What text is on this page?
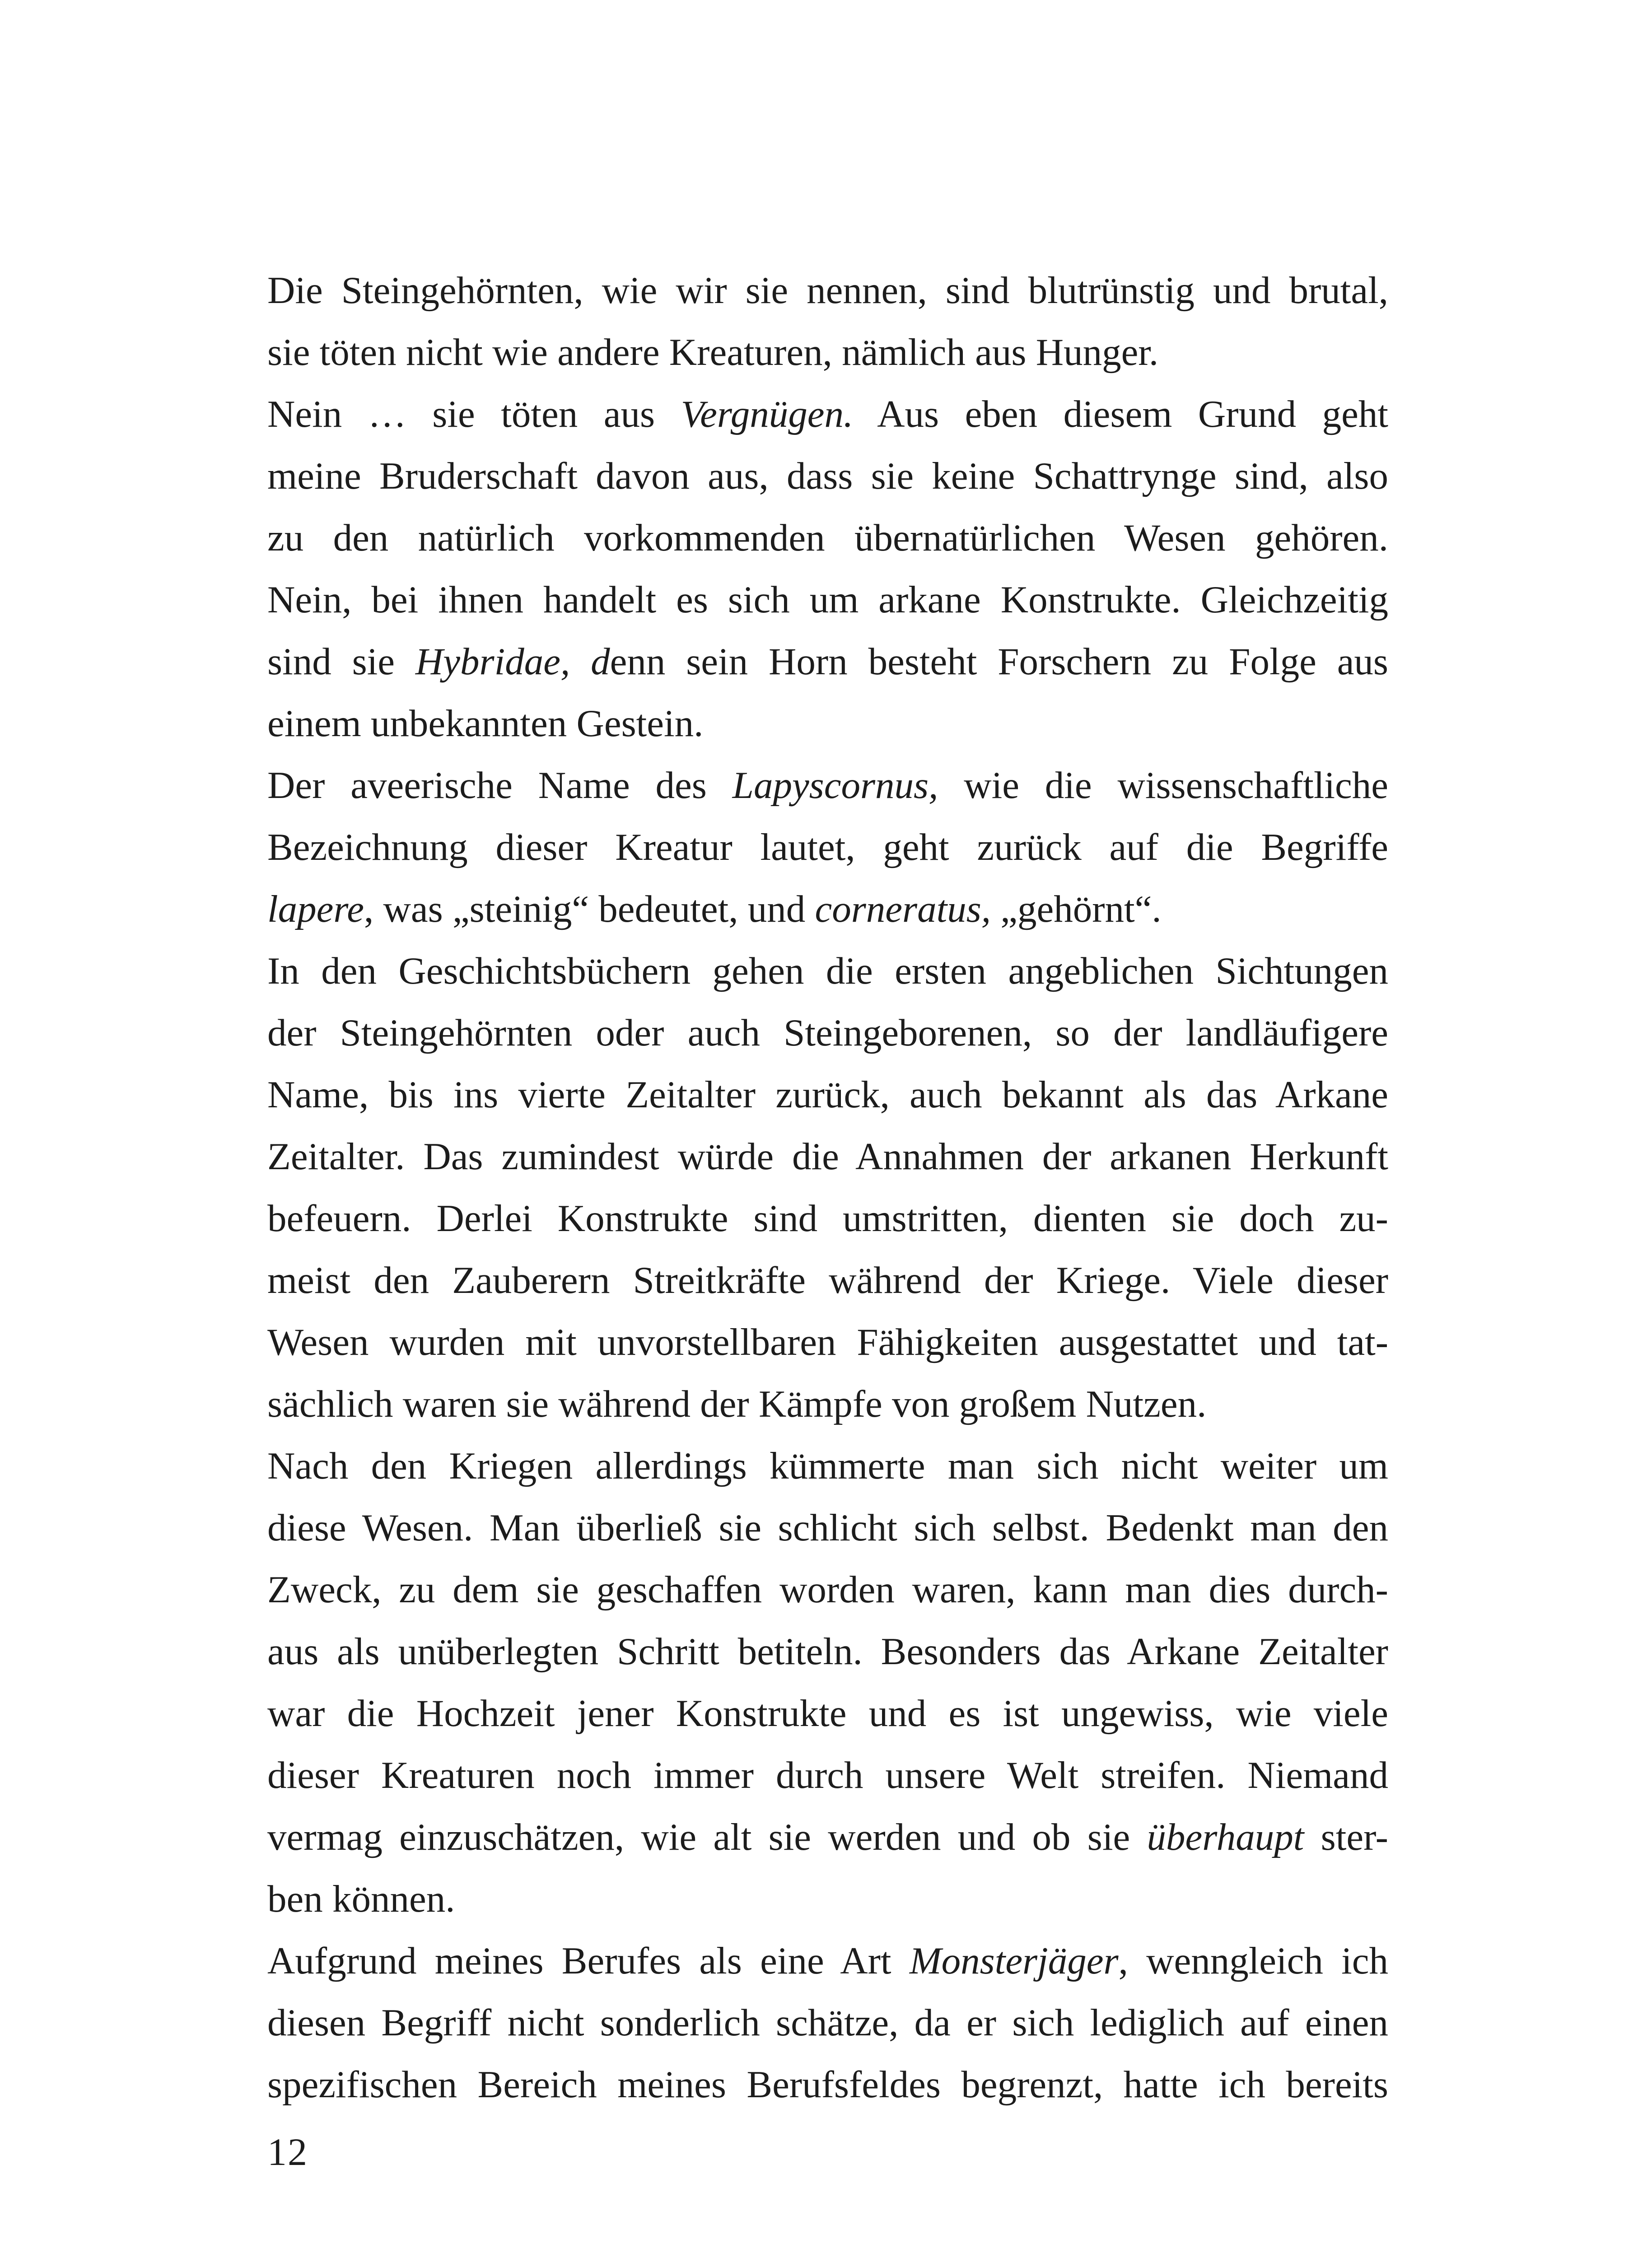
Die Steingehörnten, wie wir sie nennen, sind blutrünstig und brutal,
sie töten nicht wie andere Kreaturen, nämlich aus Hunger.
Nein … sie töten aus Vergnügen. Aus eben diesem Grund geht
meine Bruderschaft davon aus, dass sie keine Schattrynge sind, also
zu den natürlich vorkommenden übernatürlichen Wesen gehören.
Nein, bei ihnen handelt es sich um arkane Konstrukte. Gleichzeitig
sind sie Hybridae, denn sein Horn besteht Forschern zu Folge aus
einem unbekannten Gestein.
Der aveerische Name des Lapyscornus, wie die wissenschaftliche
Bezeichnung dieser Kreatur lautet, geht zurück auf die Begriffe
lapere, was „steinig“ bedeutet, und corneratus, „gehörnt“.
In den Geschichtsbüchern gehen die ersten angeblichen Sichtungen
der Steingehörnten oder auch Steingeborenen, so der landläufigere
Name, bis ins vierte Zeitalter zurück, auch bekannt als das Arkane
Zeitalter. Das zumindest würde die Annahmen der arkanen Herkunft
befeuern. Derlei Konstrukte sind umstritten, dienten sie doch zu-
meist den Zauberern Streitkräfte während der Kriege. Viele dieser
Wesen wurden mit unvorstellbaren Fähigkeiten ausgestattet und tat-
sächlich waren sie während der Kämpfe von großem Nutzen.
Nach den Kriegen allerdings kümmerte man sich nicht weiter um
diese Wesen. Man überließ sie schlicht sich selbst. Bedenkt man den
Zweck, zu dem sie geschaffen worden waren, kann man dies durch-
aus als unüberlegten Schritt betiteln. Besonders das Arkane Zeitalter
war die Hochzeit jener Konstrukte und es ist ungewiss, wie viele
dieser Kreaturen noch immer durch unsere Welt streifen. Niemand
vermag einzuschätzen, wie alt sie werden und ob sie überhaupt ster-
ben können.
Aufgrund meines Berufes als eine Art Monsterjäger, wenngleich ich
diesen Begriff nicht sonderlich schätze, da er sich lediglich auf einen
spezifischen Bereich meines Berufsfeldes begrenzt, hatte ich bereits
12
